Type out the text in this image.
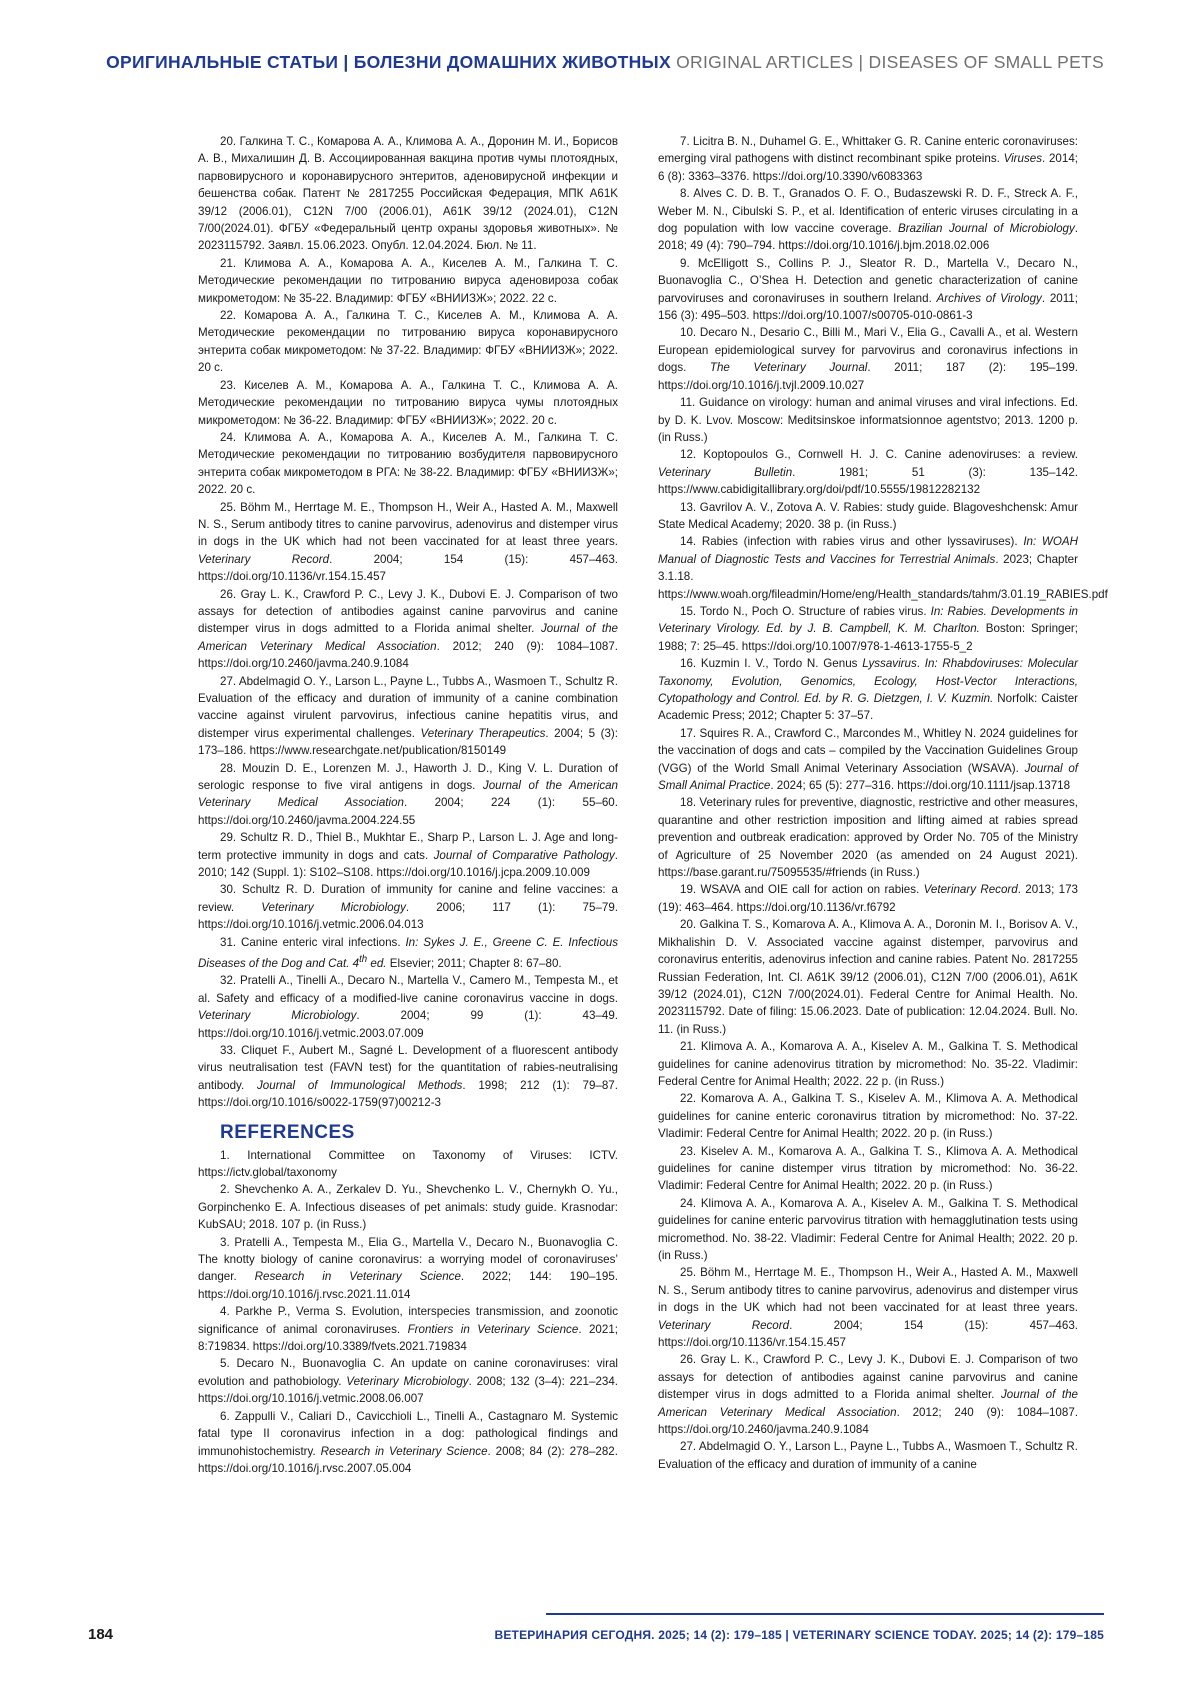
ОРИГИНАЛЬНЫЕ СТАТЬИ | БОЛЕЗНИ ДОМАШНИХ ЖИВОТНЫХ ORIGINAL ARTICLES | DISEASES OF SMALL PETS

20. Галкина Т. С., Комарова А. А., Климова А. А., Доронин М. И., Борисов А. В., Михалишин Д. В. Ассоциированная вакцина против чумы плотоядных, парвовирусного и коронавирусного энтеритов, аденовирусной инфекции и бешенства собак. Патент № 2817255 Российская Федерация, МПК A61K 39/12 (2006.01), C12N 7/00 (2006.01), A61K 39/12 (2024.01), C12N 7/00(2024.01). ФГБУ «Федеральный центр охраны здоровья животных». № 2023115792. Заявл. 15.06.2023. Опубл. 12.04.2024. Бюл. № 11.

21. Климова А. А., Комарова А. А., Киселев А. М., Галкина Т. С. Методические рекомендации по титрованию вируса аденовироза собак микрометодом: № 35-22. Владимир: ФГБУ «ВНИИЗЖ»; 2022. 22 с.

22. Комарова А. А., Галкина Т. С., Киселев А. М., Климова А. А. Методические рекомендации по титрованию вируса коронавирусного энтерита собак микрометодом: № 37-22. Владимир: ФГБУ «ВНИИЗЖ»; 2022. 20 с.

23. Киселев А. М., Комарова А. А., Галкина Т. С., Климова А. А. Методические рекомендации по титрованию вируса чумы плотоядных микрометодом: № 36-22. Владимир: ФГБУ «ВНИИЗЖ»; 2022. 20 с.

24. Климова А. А., Комарова А. А., Киселев А. М., Галкина Т. С. Методические рекомендации по титрованию возбудителя парвовирусного энтерита собак микрометодом в РГА: № 38-22. Владимир: ФГБУ «ВНИИЗЖ»; 2022. 20 с.

25. Böhm M., Herrtage M. E., Thompson H., Weir A., Hasted A. M., Maxwell N. S., Serum antibody titres to canine parvovirus, adenovirus and distemper virus in dogs in the UK which had not been vaccinated for at least three years. Veterinary Record. 2004; 154 (15): 457–463. https://doi.org/10.1136/vr.154.15.457

26. Gray L. K., Crawford P. C., Levy J. K., Dubovi E. J. Comparison of two assays for detection of antibodies against canine parvovirus and canine distemper virus in dogs admitted to a Florida animal shelter. Journal of the American Veterinary Medical Association. 2012; 240 (9): 1084–1087. https://doi.org/10.2460/javma.240.9.1084

27. Abdelmagid O. Y., Larson L., Payne L., Tubbs A., Wasmoen T., Schultz R. Evaluation of the efficacy and duration of immunity of a canine combination vaccine against virulent parvovirus, infectious canine hepatitis virus, and distemper virus experimental challenges. Veterinary Therapeutics. 2004; 5 (3): 173–186. https://www.researchgate.net/publication/8150149

28. Mouzin D. E., Lorenzen M. J., Haworth J. D., King V. L. Duration of serologic response to five viral antigens in dogs. Journal of the American Veterinary Medical Association. 2004; 224 (1): 55–60. https://doi.org/10.2460/javma.2004.224.55

29. Schultz R. D., Thiel B., Mukhtar E., Sharp P., Larson L. J. Age and long-term protective immunity in dogs and cats. Journal of Comparative Pathology. 2010; 142 (Suppl. 1): S102–S108. https://doi.org/10.1016/j.jcpa.2009.10.009

30. Schultz R. D. Duration of immunity for canine and feline vaccines: a review. Veterinary Microbiology. 2006; 117 (1): 75–79. https://doi.org/10.1016/j.vetmic.2006.04.013

31. Canine enteric viral infections. In: Sykes J. E., Greene C. E. Infectious Diseases of the Dog and Cat. 4th ed. Elsevier; 2011; Chapter 8: 67–80.

32. Pratelli A., Tinelli A., Decaro N., Martella V., Camero M., Tempesta M., et al. Safety and efficacy of a modified-live canine coronavirus vaccine in dogs. Veterinary Microbiology. 2004; 99 (1): 43–49. https://doi.org/10.1016/j.vetmic.2003.07.009

33. Cliquet F., Aubert M., Sagné L. Development of a fluorescent antibody virus neutralisation test (FAVN test) for the quantitation of rabies-neutralising antibody. Journal of Immunological Methods. 1998; 212 (1): 79–87. https://doi.org/10.1016/s0022-1759(97)00212-3

REFERENCES

1. International Committee on Taxonomy of Viruses: ICTV. https://ictv.global/taxonomy

2. Shevchenko A. A., Zerkalev D. Yu., Shevchenko L. V., Chernykh O. Yu., Gorpinchenko E. A. Infectious diseases of pet animals: study guide. Krasnodar: KubSAU; 2018. 107 p. (in Russ.)

3. Pratelli A., Tempesta M., Elia G., Martella V., Decaro N., Buonavoglia C. The knotty biology of canine coronavirus: a worrying model of coronaviruses’ danger. Research in Veterinary Science. 2022; 144: 190–195. https://doi.org/10.1016/j.rvsc.2021.11.014

4. Parkhe P., Verma S. Evolution, interspecies transmission, and zoonotic significance of animal coronaviruses. Frontiers in Veterinary Science. 2021; 8:719834. https://doi.org/10.3389/fvets.2021.719834

5. Decaro N., Buonavoglia C. An update on canine coronaviruses: viral evolution and pathobiology. Veterinary Microbiology. 2008; 132 (3–4): 221–234. https://doi.org/10.1016/j.vetmic.2008.06.007

6. Zappulli V., Caliari D., Cavicchioli L., Tinelli A., Castagnaro M. Systemic fatal type II coronavirus infection in a dog: pathological findings and immunohistochemistry. Research in Veterinary Science. 2008; 84 (2): 278–282. https://doi.org/10.1016/j.rvsc.2007.05.004

7. Licitra B. N., Duhamel G. E., Whittaker G. R. Canine enteric coronaviruses: emerging viral pathogens with distinct recombinant spike proteins. Viruses. 2014; 6 (8): 3363–3376. https://doi.org/10.3390/v6083363

8. Alves C. D. B. T., Granados O. F. O., Budaszewski R. D. F., Streck A. F., Weber M. N., Cibulski S. P., et al. Identification of enteric viruses circulating in a dog population with low vaccine coverage. Brazilian Journal of Microbiology. 2018; 49 (4): 790–794. https://doi.org/10.1016/j.bjm.2018.02.006

9. McElligott S., Collins P. J., Sleator R. D., Martella V., Decaro N., Buonavoglia C., O’Shea H. Detection and genetic characterization of canine parvoviruses and coronaviruses in southern Ireland. Archives of Virology. 2011; 156 (3): 495–503. https://doi.org/10.1007/s00705-010-0861-3

10. Decaro N., Desario C., Billi M., Mari V., Elia G., Cavalli A., et al. Western European epidemiological survey for parvovirus and coronavirus infections in dogs. The Veterinary Journal. 2011; 187 (2): 195–199. https://doi.org/10.1016/j.tvjl.2009.10.027

11. Guidance on virology: human and animal viruses and viral infections. Ed. by D. K. Lvov. Moscow: Meditsinskoe informatsionnoe agentstvo; 2013. 1200 p. (in Russ.)

12. Koptopoulos G., Cornwell H. J. C. Canine adenoviruses: a review. Veterinary Bulletin. 1981; 51 (3): 135–142. https://www.cabidigitallibrary.org/doi/pdf/10.5555/19812282132

13. Gavrilov A. V., Zotova A. V. Rabies: study guide. Blagoveshchensk: Amur State Medical Academy; 2020. 38 p. (in Russ.)

14. Rabies (infection with rabies virus and other lyssaviruses). In: WOAH Manual of Diagnostic Tests and Vaccines for Terrestrial Animals. 2023; Chapter 3.1.18. https://www.woah.org/fileadmin/Home/eng/Health_standards/tahm/3.01.19_RABIES.pdf

15. Tordo N., Poch O. Structure of rabies virus. In: Rabies. Developments in Veterinary Virology. Ed. by J. B. Campbell, K. M. Charlton. Boston: Springer; 1988; 7: 25–45. https://doi.org/10.1007/978-1-4613-1755-5_2

16. Kuzmin I. V., Tordo N. Genus Lyssavirus. In: Rhabdoviruses: Molecular Taxonomy, Evolution, Genomics, Ecology, Host-Vector Interactions, Cytopathology and Control. Ed. by R. G. Dietzgen, I. V. Kuzmin. Norfolk: Caister Academic Press; 2012; Chapter 5: 37–57.

17. Squires R. A., Crawford C., Marcondes M., Whitley N. 2024 guidelines for the vaccination of dogs and cats – compiled by the Vaccination Guidelines Group (VGG) of the World Small Animal Veterinary Association (WSAVA). Journal of Small Animal Practice. 2024; 65 (5): 277–316. https://doi.org/10.1111/jsap.13718

18. Veterinary rules for preventive, diagnostic, restrictive and other measures, quarantine and other restriction imposition and lifting aimed at rabies spread prevention and outbreak eradication: approved by Order No. 705 of the Ministry of Agriculture of 25 November 2020 (as amended on 24 August 2021). https://base.garant.ru/75095535/#friends (in Russ.)

19. WSAVA and OIE call for action on rabies. Veterinary Record. 2013; 173 (19): 463–464. https://doi.org/10.1136/vr.f6792

20. Galkina T. S., Komarova A. A., Klimova A. A., Doronin M. I., Borisov A. V., Mikhalishin D. V. Associated vaccine against distemper, parvovirus and coronavirus enteritis, adenovirus infection and canine rabies. Patent No. 2817255 Russian Federation, Int. Cl. A61K 39/12 (2006.01), C12N 7/00 (2006.01), A61K 39/12 (2024.01), C12N 7/00(2024.01). Federal Centre for Animal Health. No. 2023115792. Date of filing: 15.06.2023. Date of publication: 12.04.2024. Bull. No. 11. (in Russ.)

21. Klimova A. A., Komarova A. A., Kiselev A. M., Galkina T. S. Methodical guidelines for canine adenovirus titration by micromethod: No. 35-22. Vladimir: Federal Centre for Animal Health; 2022. 22 p. (in Russ.)

22. Komarova A. A., Galkina T. S., Kiselev A. M., Klimova A. A. Methodical guidelines for canine enteric coronavirus titration by micromethod: No. 37-22. Vladimir: Federal Centre for Animal Health; 2022. 20 p. (in Russ.)

23. Kiselev A. M., Komarova A. A., Galkina T. S., Klimova A. A. Methodical guidelines for canine distemper virus titration by micromethod: No. 36-22. Vladimir: Federal Centre for Animal Health; 2022. 20 p. (in Russ.)

24. Klimova A. A., Komarova A. A., Kiselev A. M., Galkina T. S. Methodical guidelines for canine enteric parvovirus titration with hemagglutination tests using micromethod. No. 38-22. Vladimir: Federal Centre for Animal Health; 2022. 20 p. (in Russ.)

25. Böhm M., Herrtage M. E., Thompson H., Weir A., Hasted A. M., Maxwell N. S., Serum antibody titres to canine parvovirus, adenovirus and distemper virus in dogs in the UK which had not been vaccinated for at least three years. Veterinary Record. 2004; 154 (15): 457–463. https://doi.org/10.1136/vr.154.15.457

26. Gray L. K., Crawford P. C., Levy J. K., Dubovi E. J. Comparison of two assays for detection of antibodies against canine parvovirus and canine distemper virus in dogs admitted to a Florida animal shelter. Journal of the American Veterinary Medical Association. 2012; 240 (9): 1084–1087. https://doi.org/10.2460/javma.240.9.1084

27. Abdelmagid O. Y., Larson L., Payne L., Tubbs A., Wasmoen T., Schultz R. Evaluation of the efficacy and duration of immunity of a canine

184	ВЕТЕРИНАРИЯ СЕГОДНЯ. 2025; 14 (2): 179–185 | VETERINARY SCIENCE TODAY. 2025; 14 (2): 179–185
